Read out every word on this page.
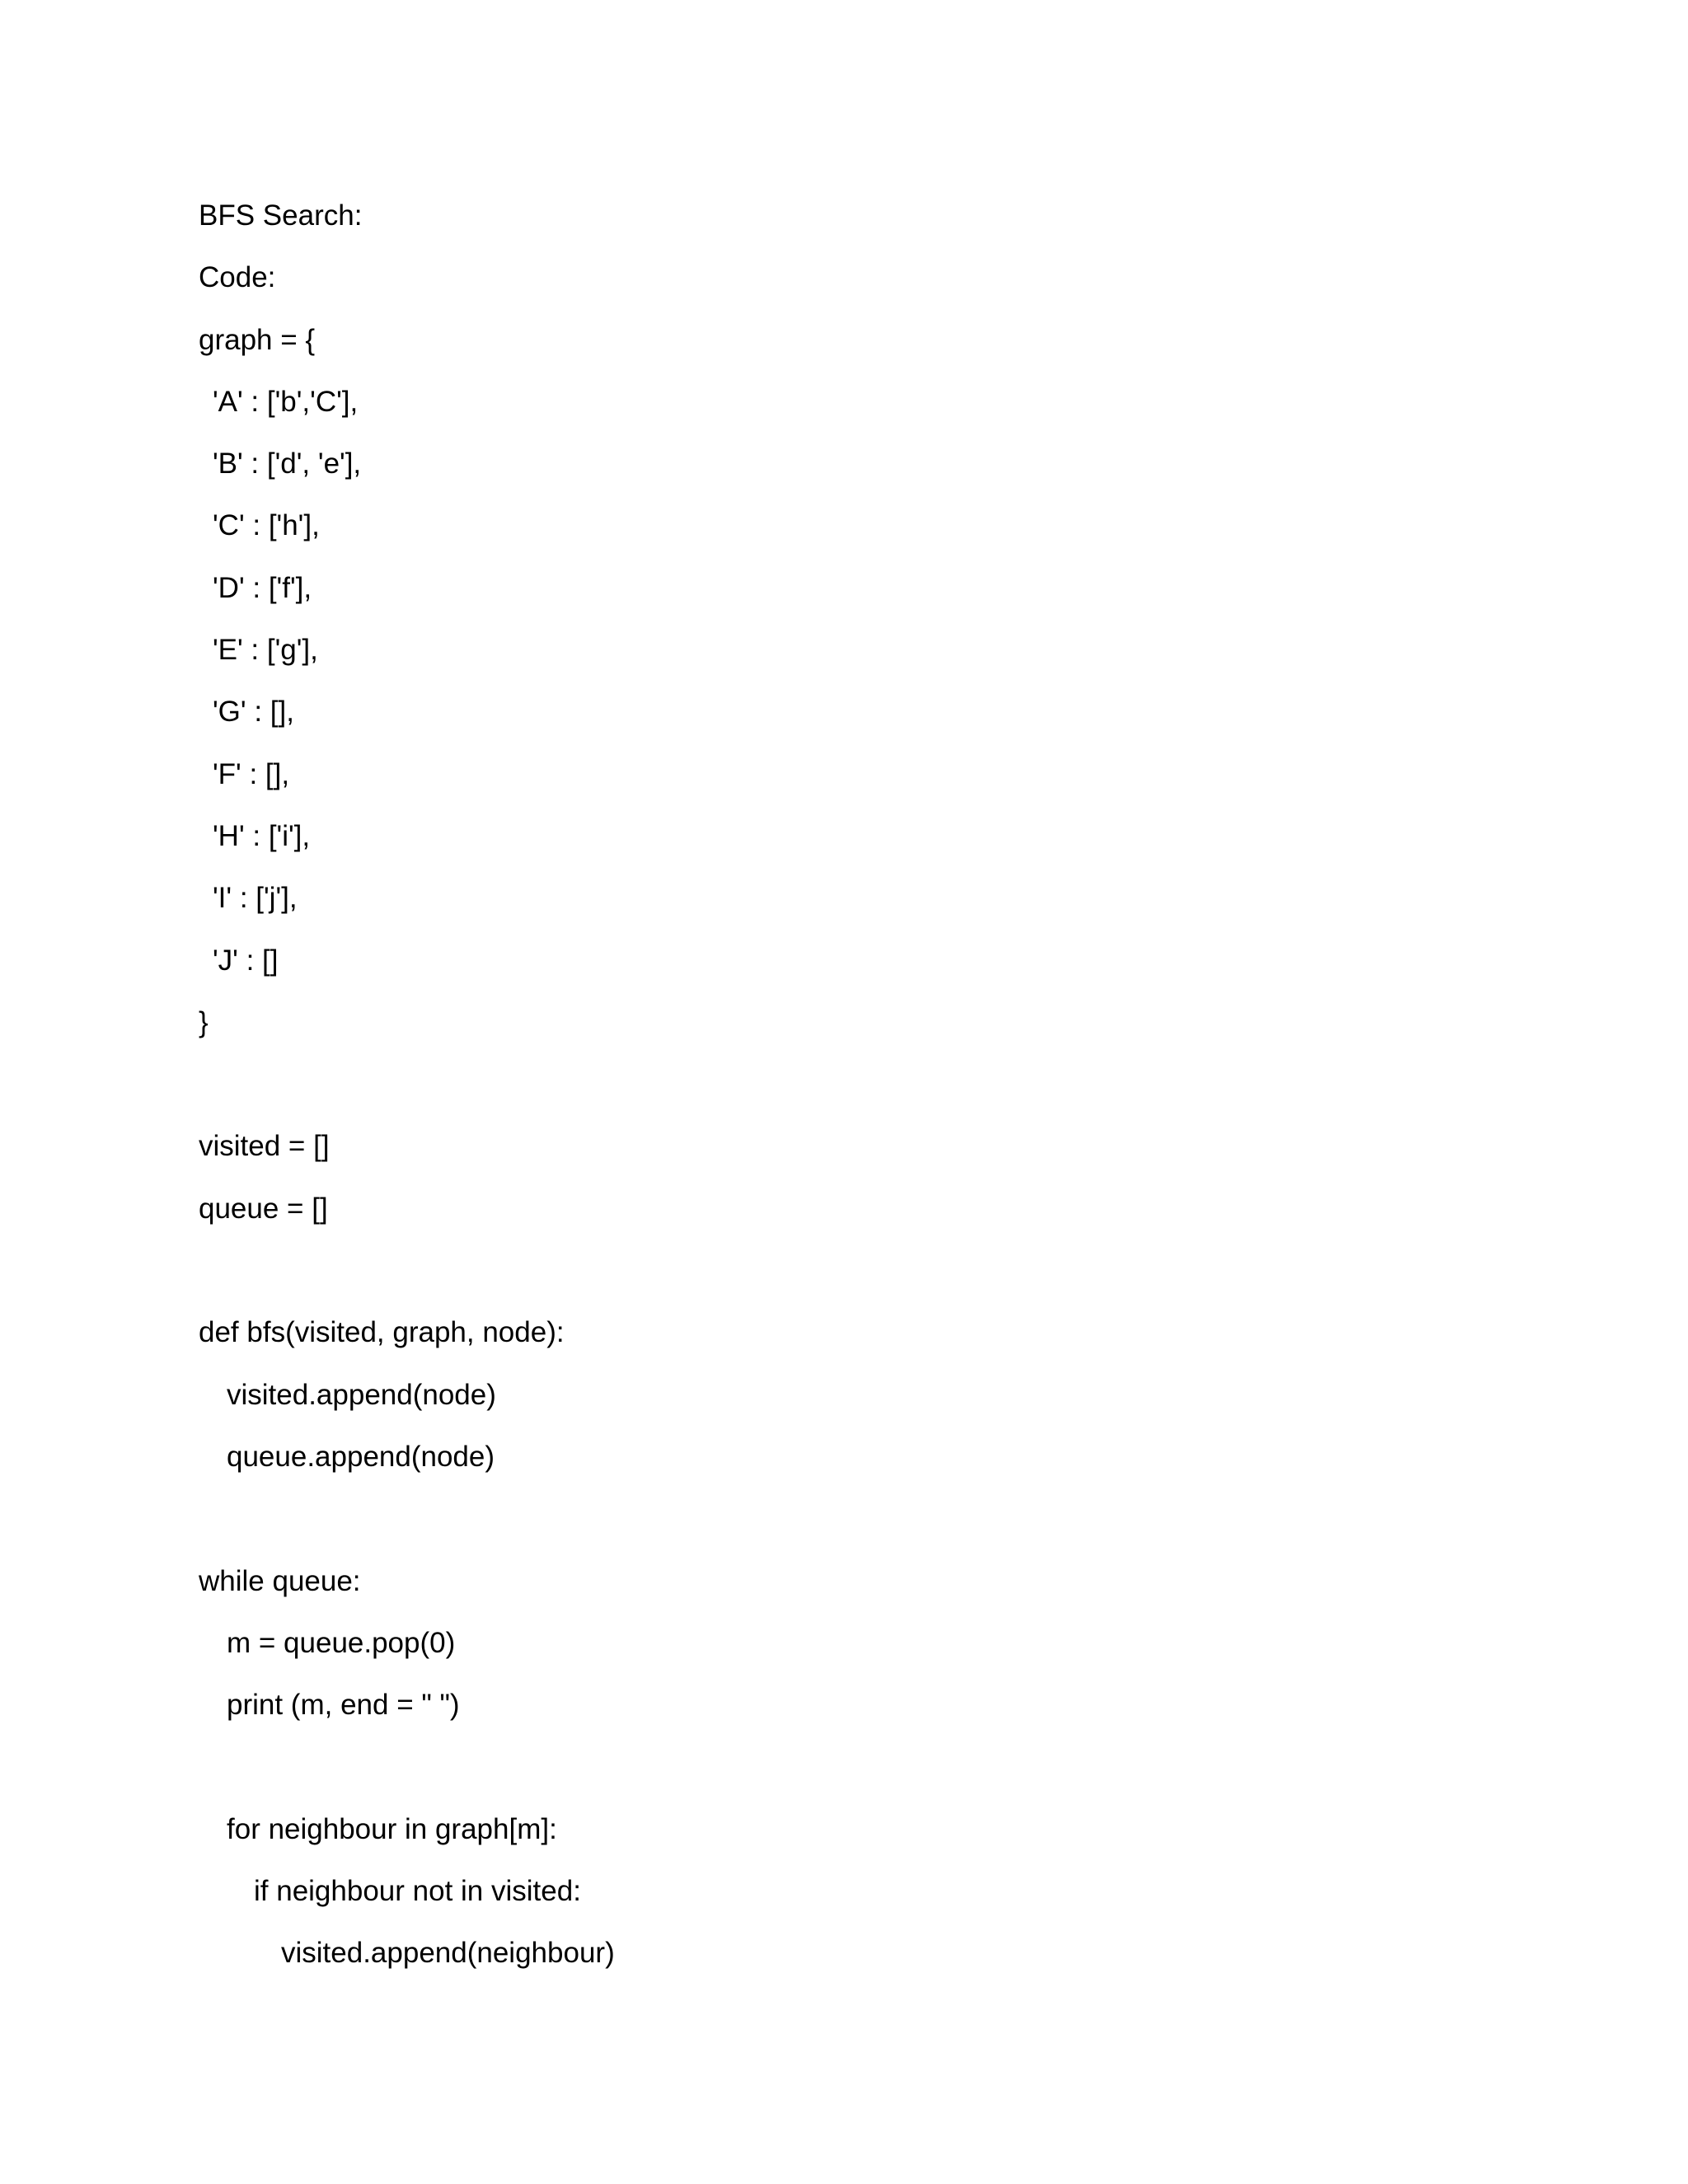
BFS Search:
Code:
graph = {
'A' : ['b','C'],
'B' : ['d', 'e'],
'C' : ['h'],
'D' : ['f'],
'E' : ['g'],
'G' : [],
'F' : [],
'H' : ['i'],
'I' : ['j'],
'J' : []
}
visited = []
queue = []
def bfs(visited, graph, node):
visited.append(node)
queue.append(node)
while queue:
m = queue.pop(0)
print (m, end = " ")
for neighbour in graph[m]:
if neighbour not in visited:
visited.append(neighbour)
